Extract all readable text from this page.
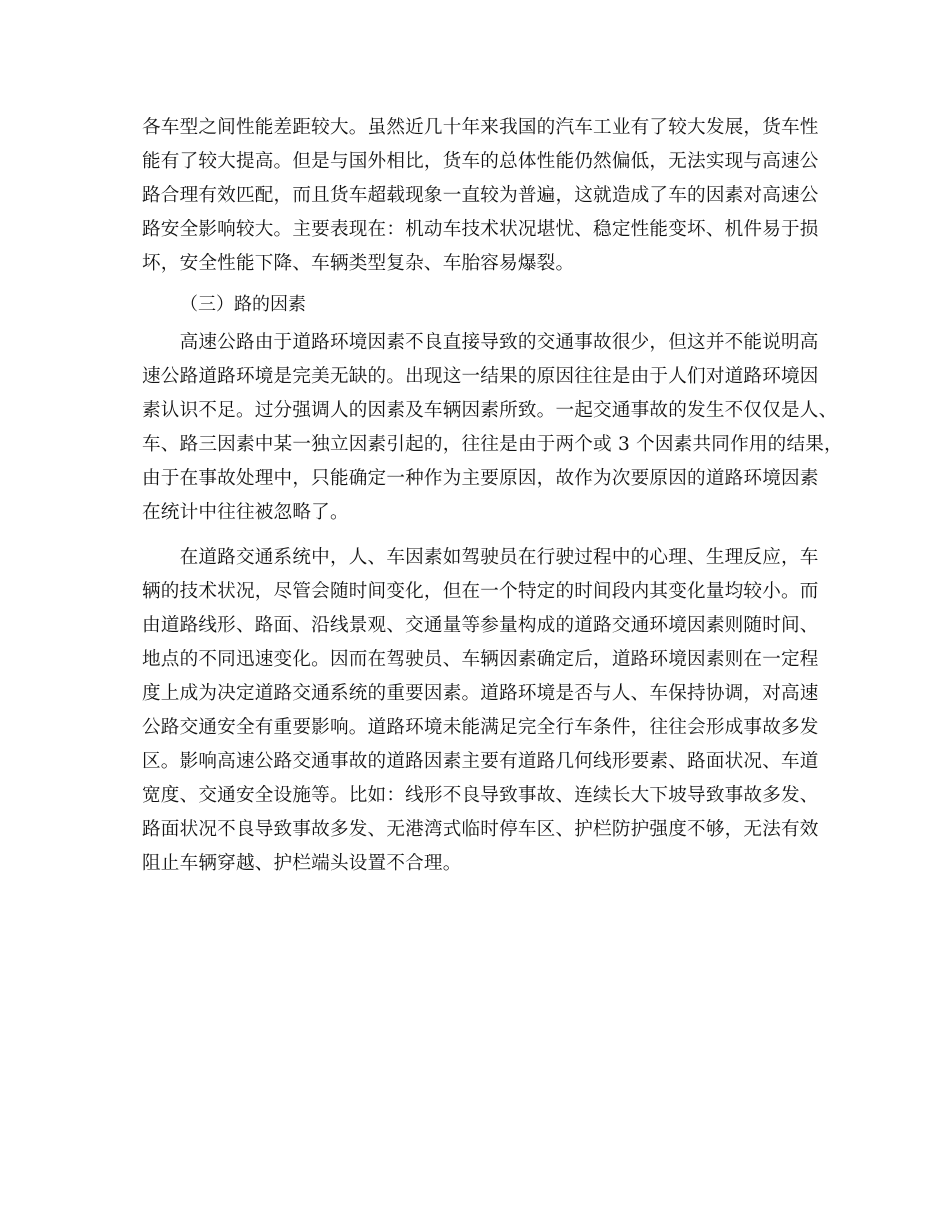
各车型之间性能差距较大。虽然近几十年来我国的汽车工业有了较大发展，货车性
能有了较大提高。但是与国外相比，货车的总体性能仍然偏低，无法实现与高速公
路合理有效匹配，而且货车超载现象一直较为普遍，这就造成了车的因素对高速公
路安全影响较大。主要表现在：机动车技术状况堪忧、稳定性能变坏、机件易于损
坏，安全性能下降、车辆类型复杂、车胎容易爆裂。
（三）路的因素
　　高速公路由于道路环境因素不良直接导致的交通事故很少，但这并不能说明高
速公路道路环境是完美无缺的。出现这一结果的原因往往是由于人们对道路环境因
素认识不足。过分强调人的因素及车辆因素所致。一起交通事故的发生不仅仅是人、
车、路三因素中某一独立因素引起的，往往是由于两个或 3 个因素共同作用的结果，
由于在事故处理中，只能确定一种作为主要原因，故作为次要原因的道路环境因素
在统计中往往被忽略了。
　　在道路交通系统中，人、车因素如驾驶员在行驶过程中的心理、生理反应，车
辆的技术状况，尽管会随时间变化，但在一个特定的时间段内其变化量均较小。而
由道路线形、路面、沿线景观、交通量等参量构成的道路交通环境因素则随时间、
地点的不同迅速变化。因而在驾驶员、车辆因素确定后，道路环境因素则在一定程
度上成为决定道路交通系统的重要因素。道路环境是否与人、车保持协调，对高速
公路交通安全有重要影响。道路环境未能满足完全行车条件，往往会形成事故多发
区。影响高速公路交通事故的道路因素主要有道路几何线形要素、路面状况、车道
宽度、交通安全设施等。比如：线形不良导致事故、连续长大下坡导致事故多发、
路面状况不良导致事故多发、无港湾式临时停车区、护栏防护强度不够，无法有效
阻止车辆穿越、护栏端头设置不合理。
